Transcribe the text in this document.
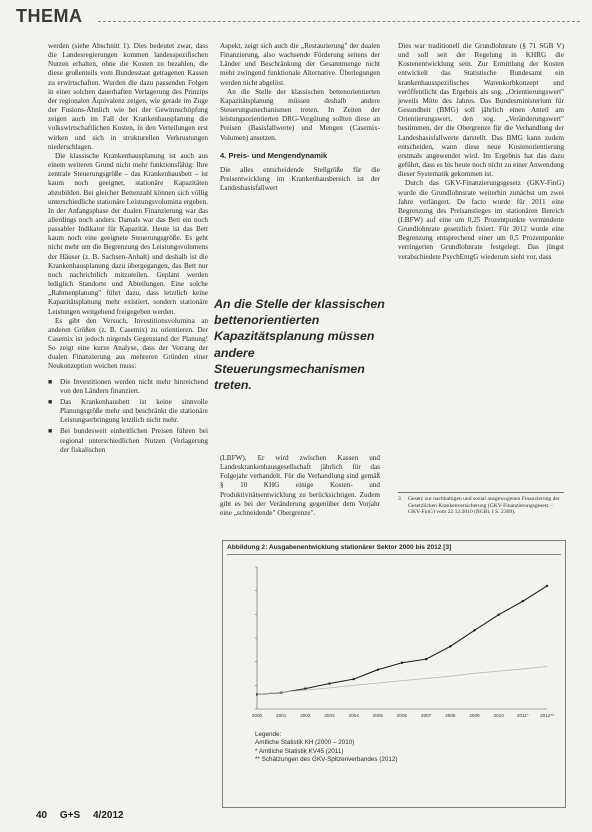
THEMA

werden (siehe Abschnitt 1). Dies bedeutet zwar, dass die Landesregierungen kommen landesspezifischen Nutzen erhalten, ohne die Kosten zu bezahlen, die diese großenteils vom Bundesstaat getragenen Kassen zu erwirtschaften. Wurden die dazu passenden Folgen in einer solchen dauerhaften Verlagerung des Prinzips der regionalen Äquivalenz zeigen, wie gerade im Zuge der Fusions-Ähnlich wie bei der Gewinnschöpfung zeigen auch im Fall der Krankenhausplanung die volkswirtschaftlichen Kosten, in den Verteilungen erst wirken und sich in strukturellen Verkrustungen niederschlagen.

Die klassische Krankenhausplanung ist auch aus einem weiteren Grund nicht mehr funktionsfähig: Ihre zentrale Steuerungsgröße – das Krankenhausbett – ist kaum noch geeignet, stationäre Kapazitäten abzubilden. Bei gleicher Bettenzahl können sich völlig unterschiedliche stationäre Leistungsvolumina ergeben. In der Anfangsphase der dualen Finanzierung war das allerdings noch anders. Damals war das Bett ein noch passabler Indikator für Kapazität. Heute ist das Bett kaum noch eine geeignete Steuerungsgröße. Es geht nicht mehr um die Begrenzung des Leistungsvolumens der Häuser (z. B. Sachsen-Anhalt) und deshalb ist die Krankenhausplanung dazu übergegangen, das Bett nur noch nachrichtlich mitzuteilen. Geplant werden lediglich Standorte und Abteilungen. Eine solche „Rahmenplanung" führt dazu, dass letztlich keine Kapazitätsplanung mehr existiert, sondern stationäre Leistungen weitgehend freigegeben werden.

Es gibt den Versuch, Investitionsvolumina an anderen Größen (z. B. Casemix) zu orientieren. Der Casemix ist jedoch nirgends Gegenstand der Planung! So zeigt eine kurze Analyse, dass der Vorrang der dualen Finanzierung aus mehreren Gründen einer Neukonzeption weichen muss:

■ Die Investitionen werden nicht mehr hinreichend von den Ländern finanziert.
■ Das Krankenhausbett ist keine sinnvolle Planungsgröße mehr und beschränkt die stationäre Leistungserbringung letztlich nicht mehr.
■ Bei bundesweit einheitlichen Preisen führen bei regional unterschiedlichen Nutzen (Verlagerung der fiskalischen

Aspekt, zeigt sich auch die „Restaurierung" der dualen Finanzierung, also wachsende Förderung seitens der Länder und Beschränkung der Gesamtmenge nicht mehr zwingend funktionale Alternative. Überlegungen werden nicht abgelöst.

An die Stelle der klassischen bettenorientierten Kapazitätsplanung müssen deshalb andere Steuerungsmechanismen treten. In Zeiten der leistungsorientierten DRG-Vergütung sollten diese an Preisen (Basisfallwerte) und Mengen (Casemix-Volumen) ansetzen.

4. Preis- und Mengendynamik

Die alles entscheidende Stellgröße für die Preisentwicklung im Krankenhausbereich ist der Landesbasisfallwert

An die Stelle der klassischen bettenorientierten Kapazitätsplanung müssen andere Steuerungsmechanismen treten.

(LBFW). Er wird zwischen Kassen und Landeskrankenhausgesellschaft jährlich für das Folgejahr verhandelt. Für die Verhandlung sind gemäß § 10 KHG einige Kosten- und Produktivitätsentwicklung zu berücksichtigen. Zudem gibt es bei der Veränderung gegenüber dem Vorjahr eine „schneidende" Obergrenze".

Dies war traditionell die Grundlohnrate (§ 71 SGB V) und soll seit der Regelung in KHRG die Kostenentwicklung sein. Zur Ermittlung der Kosten entwickelt das Statistische Bundesamt ein krankenhausspezifisches Warenkorbkonzept und veröffentlicht das Ergebnis als sog. „Orientierungswert" jeweils Mitte des Jahres. Das Bundesministerium für Gesundheit (BMG) soll jährlich einen Anteil am Orientierungswert, den sog. „Veränderungswert" bestimmen, der die Obergrenze für die Verhandlung der Landesbasisfallwerte darstellt. Das BMG kann zudem entscheiden, wann diese neue Kostenorientierung erstmals angewendet wird. Im Ergebnis hat das dazu geführt, dass es bis heute noch nicht zu einer Anwendung dieser Systematik gekommen ist.

Durch das GKV-Finanzierungsgesetz (GKV-FinG) wurde die Grundlohnsrate weiterhin zunächst um zwei Jahre verlängert. De facto wurde für 2011 eine Begrenzung des Preisanstieges im stationären Bereich (LBFW) auf eine um 0,25 Prozentpunkte verminderte Grundlohnrate gesetzlich fixiert. Für 2012 wurde eine Begrenzung entsprechend einer um 0,5 Prozentpunkte verringerten Grundlohnrate festgelegt. Das jüngst verabschiedete PsychEntgG wiederum sieht vor, dass

3 Gesetz zur nachhaltigen und sozial ausgewogenen Finanzierung der Gesetzlichen Krankenversicherung (GKV-Finanzierungsgesetz – GKV-FinG) vom 22.12.2010 (BGBl. I S. 2309).
Abbildung 2: Ausgabenentwicklung stationärer Sektor 2000 bis 2012 [3]
2000	2001	2002	2003	2004	2005	2006	2007	2008	2009	2010	2011* 2012**
Legende:
Amtliche Statistik KH (2000 – 2010)
* Amtliche Statistik KV45 (2011)
** Schätzungen des GKV-Spitzenverbandes (2012)
40 G+S 4/2012
